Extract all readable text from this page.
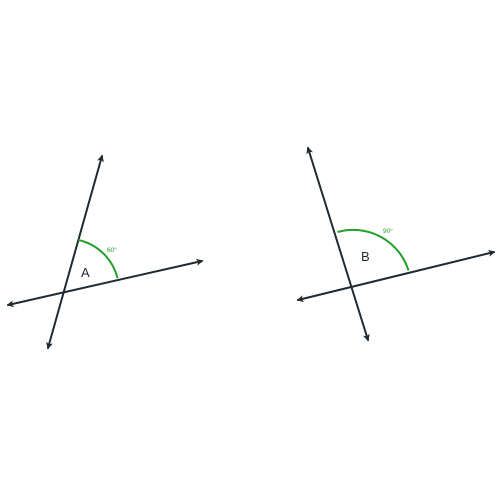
60°
A
90°
B
